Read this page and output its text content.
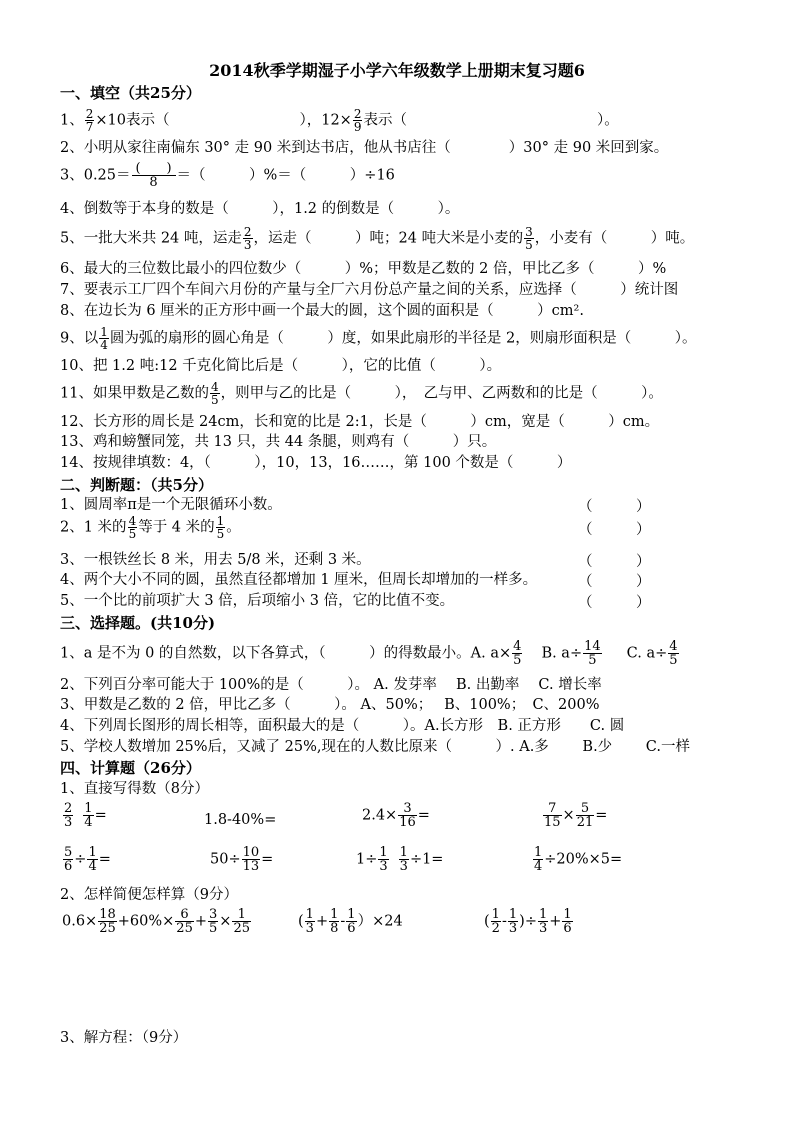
2014秋季学期湿子小学六年级数学上册期末复习题6
一、填空（共25分）
1、 $\frac{2}{7} \times 10$表示（	），$12\times \frac{2}{9}$ 表示（	）。
2、小明从家往南偏东 30° 走 90 米到达书店，他从书店往（　　　　）30° 走 90 米回到家。
3、$0.25= \frac{( )}{8}$ ＝（　　　）%＝（　　　）÷16
4、倒数等于本身的数是（　　　），1.2 的倒数是（　　　）。
5、一批大米共 24 吨，运走 $\frac{2}{3}$ ，运走（　　　）吨；24 吨大米是小麦的 $\frac{3}{5}$ ，小麦有（　　　）吨。
6、最大的三位数比最小的四位数少（　　　）%；甲数是乙数的 2 倍，甲比乙多（　　　）%
7、要表示工厂四个车间六月份的产量与全厂六月份总产量之间的关系，应选择（　　　）统计图
8、在边长为 6 厘米的正方形中画一个最大的圆，这个圆的面积是（　　　）cm².
9、以 $\frac{1}{4}$ 圆为弧的扇形的圆心角是（　　　）度，如果此扇形的半径是 2，则扇形面积是（　　　）。
10、把 1.2 吨:12 千克化简比后是（　　　），它的比值（　　　）。
11、如果甲数是乙数的 $\frac{4}{5}$ ，则甲与乙的比是（　　　），　乙与甲、乙两数和的比是（　　　）。
12、长方形的周长是 24cm，长和宽的比是 2:1，长是（　　　）cm，宽是（　　　）cm。
13、鸡和螃蟹同笼，共 13 只，共 44 条腿，则鸡有（　　　）只。
14、按规律填数：4，（　　　），10，13，16……，第 100 个数是（　　　）
二、判断题：（共5分）
1、圆周率π是一个无限循环小数。	（　　　）
2、1 米的 $\frac{4}{5}$ 等于 4 米的 $\frac{1}{5}$ 。	（　　　）
3、一根铁丝长 8 米，用去 5/8 米，还剩 3 米。	（　　　）
4、两个大小不同的圆，虽然直径都增加 1 厘米，但周长却增加的一样多。	（　　　）
5、一个比的前项扩大 3 倍，后项缩小 3 倍，它的比值不变。	（　　　）
三、选择题。(共10分)
1、a 是不为 0 的自然数，以下各算式，（　　　）的得数最小。A. $a\times \frac{4}{5} B$. $a\div \frac{14}{5} C$. $a\div \frac{4}{5}$
2、下列百分率可能大于 100%的是（　　　）。 A. 发芽率　 B. 出勤率　 C. 增长率
3、甲数是乙数的 2 倍，甲比乙多（　　　）。 A、50%；　 B、100%；　C、200%
4、下列周长图形的周长相等，面积最大的是（　　　）。A.长方形　B. 正方形　　C. 圆
5、学校人数增加 25%后，又减了 25%,现在的人数比原来（　　　）. A.多　　 B.少　　 C.一样
四、计算题（26分）
1、直接写得数（8分）
$\frac{2}{3} \frac{1}{4}$ =	1.8-40%=	$2.4\times \frac{3}{16}$ =	$\frac{7}{15} \times \frac{5}{21}$ =
$\frac{5}{6} \div \frac{1}{4}$ =	$50\div \frac{10}{13}$ =	$1\div \frac{1}{3} \frac{1}{3} \div 1=$	$\frac{1}{4} \div 20\%\times 5=$
2、怎样简便怎样算（9分）
$0.6\times \frac{18}{25} +60\%\times \frac{6}{25} + \frac{3}{5} \times \frac{1}{25}$	( $\frac{1}{3} + \frac{1}{8} - \frac{1}{6} )\times 24$	( $\frac{1}{2} - \frac{1}{3}$ )÷ $\frac{1}{3} + \frac{1}{6}$
3、解方程：（9分）
